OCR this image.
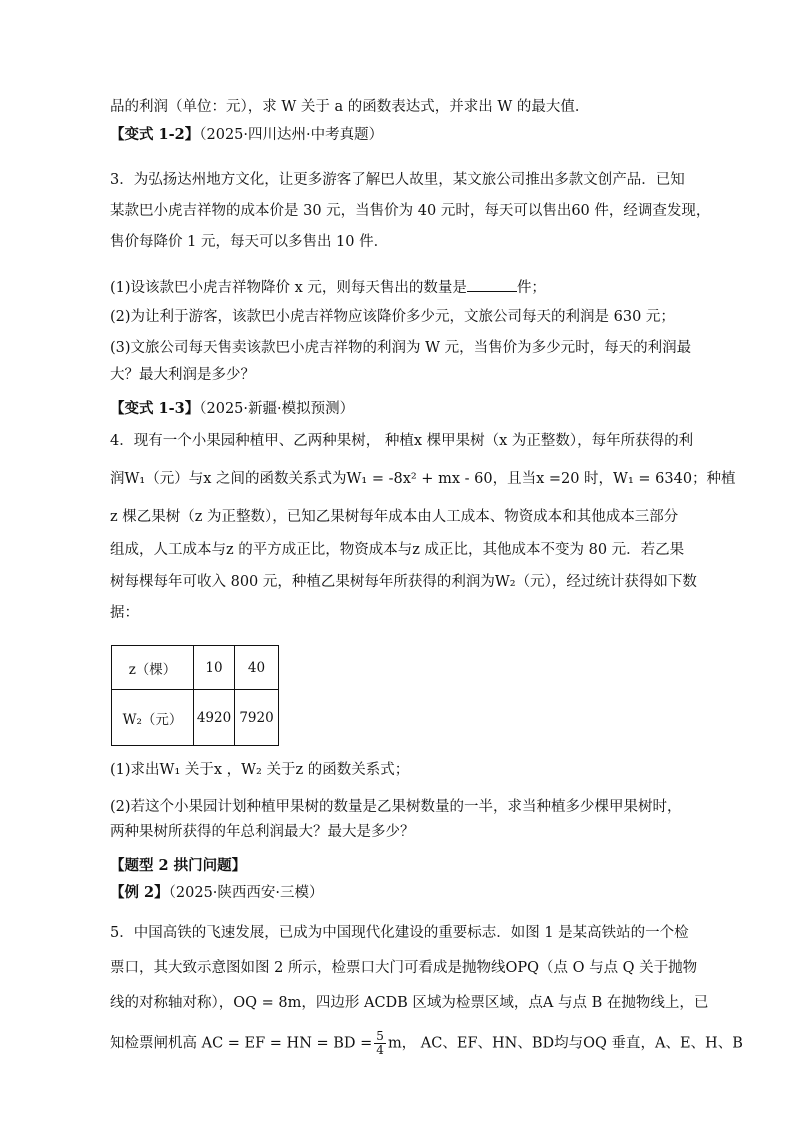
品的利润（单位：元），求 W 关于 a 的函数表达式，并求出 W 的最大值．
【变式 1-2】（2025·四川达州·中考真题）
3．为弘扬达州地方文化，让更多游客了解巴人故里，某文旅公司推出多款文创产品．已知
某款巴小虎吉祥物的成本价是 30 元，当售价为 40 元时，每天可以售出60 件，经调查发现，
售价每降价 1 元，每天可以多售出 10 件．
(1)设该款巴小虎吉祥物降价 x 元，则每天售出的数量是	件；
(2)为让利于游客，该款巴小虎吉祥物应该降价多少元，文旅公司每天的利润是 630 元；
(3)文旅公司每天售卖该款巴小虎吉祥物的利润为 W 元，当售价为多少元时，每天的利润最
大？最大利润是多少？
【变式 1-3】（2025·新疆·模拟预测）
4．现有一个小果园种植甲、乙两种果树， 种植x 棵甲果树（x 为正整数），每年所获得的利
润W₁（元）与x 之间的函数关系式为W₁ = -8x² + mx - 60，且当x =20 时，W₁ = 6340；种植
z 棵乙果树（z 为正整数），已知乙果树每年成本由人工成本、物资成本和其他成本三部分
组成，人工成本与z 的平方成正比，物资成本与z 成正比，其他成本不变为 80 元．若乙果
树每棵每年可收入 800 元，种植乙果树每年所获得的利润为W₂（元），经过统计获得如下数
据：
z（棵）	10	40
W₂（元）	4920	7920
(1)求出W₁ 关于x ，W₂ 关于z 的函数关系式；
(2)若这个小果园计划种植甲果树的数量是乙果树数量的一半，求当种植多少棵甲果树时，
两种果树所获得的年总利润最大？最大是多少？
【题型 2 拱门问题】
【例 2】（2025·陕西西安·三模）
5．中国高铁的飞速发展，已成为中国现代化建设的重要标志．如图 1 是某高铁站的一个检
票口，其大致示意图如图 2 所示，检票口大门可看成是抛物线OPQ（点 O 与点 Q 关于抛物
线的对称轴对称），OQ = 8m，四边形 ACDB 区域为检票区域，点A 与点 B 在抛物线上，已
知检票闸机高 AC = EF = HN = BD = $\frac{5}{4}$ m， AC、EF、HN、BD均与OQ 垂直，A、E、H、B
